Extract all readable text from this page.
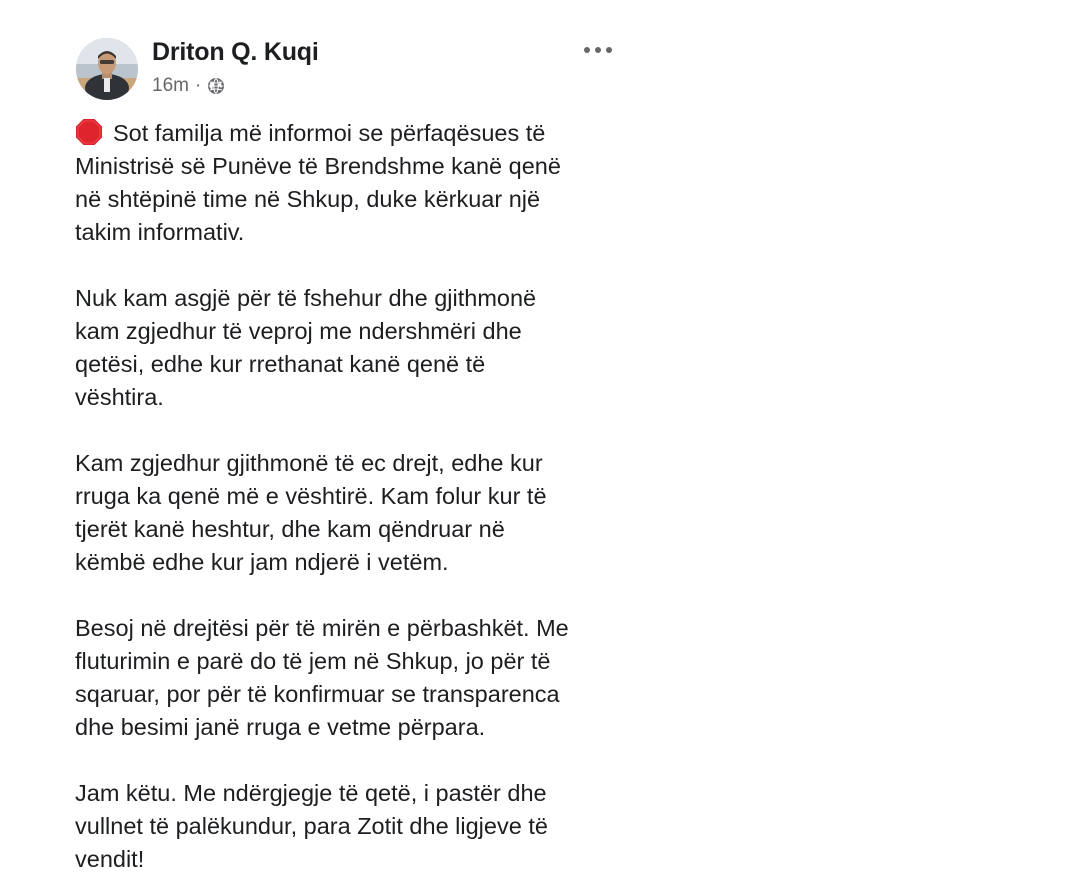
Driton Q. Kuqi
16m ·
Sot familja më informoi se përfaqësues të
Ministrisë së Punëve të Brendshme kanë qenë
në shtëpinë time në Shkup, duke kërkuar një
takim informativ.
Nuk kam asgjë për të fshehur dhe gjithmonë
kam zgjedhur të veproj me ndershmëri dhe
qetësi, edhe kur rrethanat kanë qenë të
vështira.
Kam zgjedhur gjithmonë të ec drejt, edhe kur
rruga ka qenë më e vështirë. Kam folur kur të
tjerët kanë heshtur, dhe kam qëndruar në
këmbë edhe kur jam ndjerë i vetëm.
Besoj në drejtësi për të mirën e përbashkët. Me
fluturimin e parë do të jem në Shkup, jo për të
sqaruar, por për të konfirmuar se transparenca
dhe besimi janë rruga e vetme përpara.
Jam këtu. Me ndërgjegje të qetë, i pastër dhe
vullnet të palëkundur, para Zotit dhe ligjeve të
vendit!
